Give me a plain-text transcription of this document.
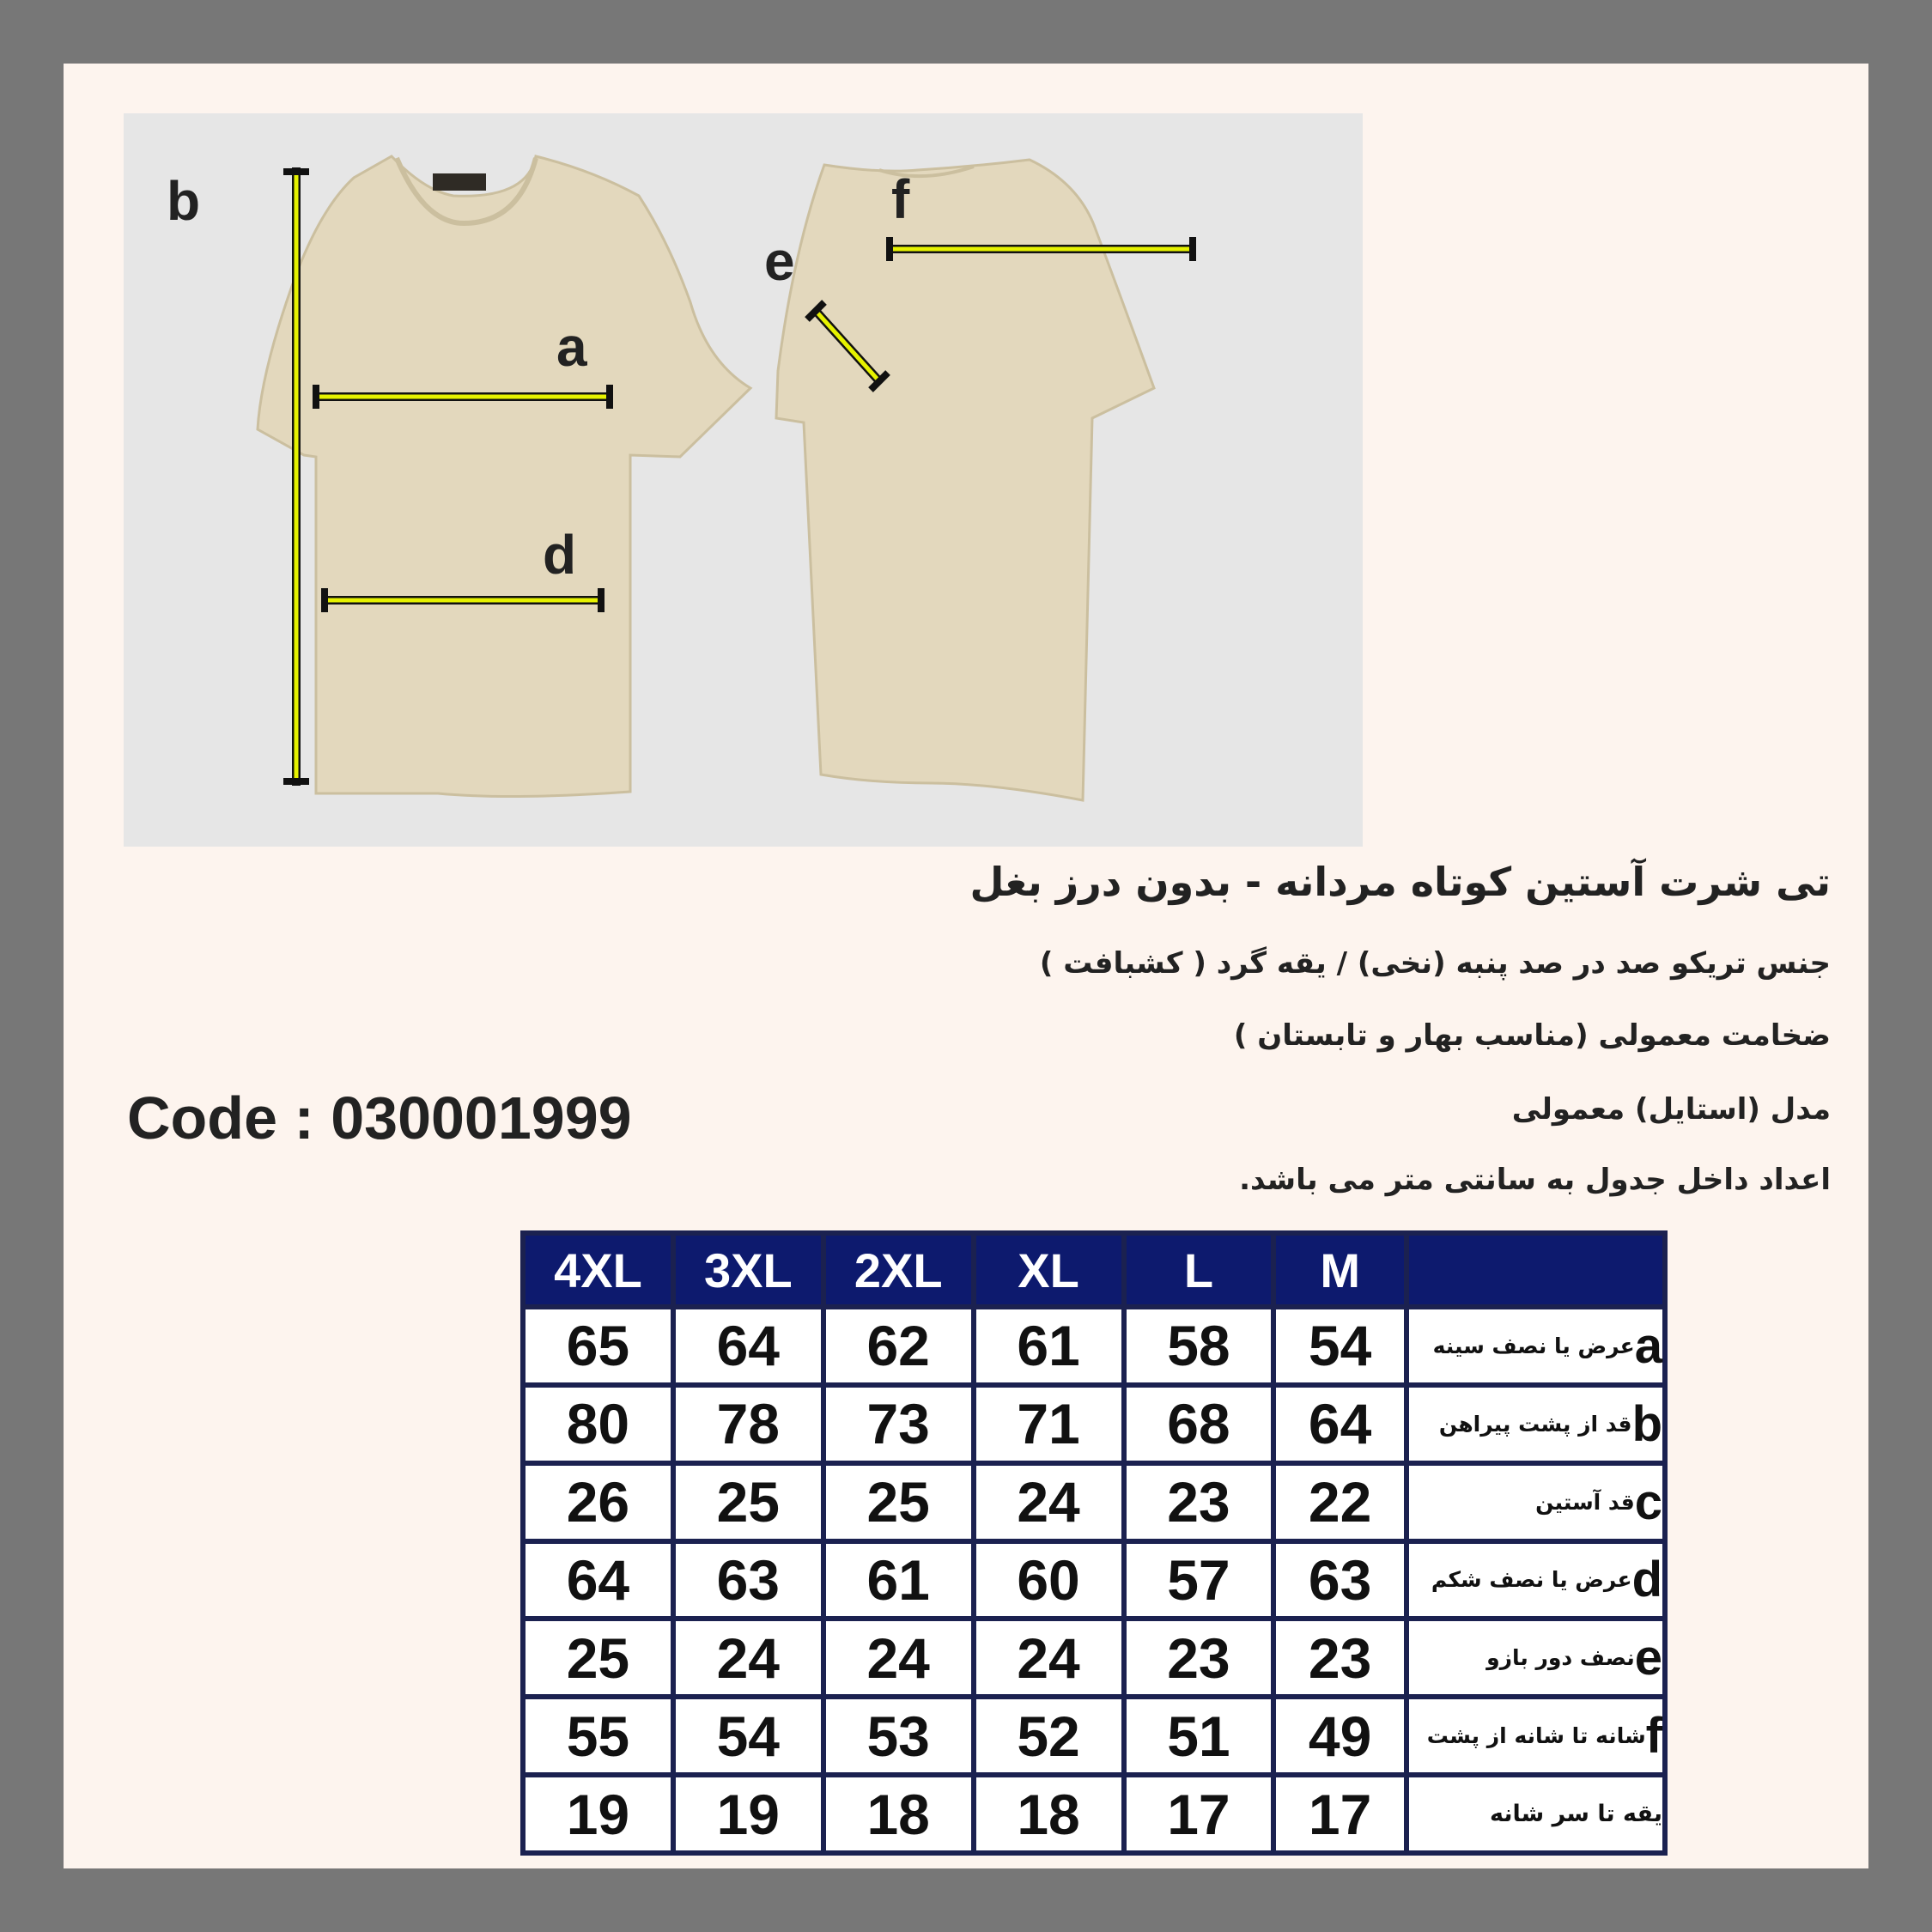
b
a
d
e
f
تی شرت آستین کوتاه مردانه - بدون درز بغل
جنس تریکو صد در صد پنبه (نخی) / یقه گرد ( کشبافت )
ضخامت معمولی (مناسب بهار و تابستان )
مدل (استایل) معمولی
اعداد داخل جدول به سانتی متر می باشد.
Code : 030001999
4XL	3XL	2XL	XL	L	M	
65	64	62	61	58	54	aعرض یا نصف سینه
80	78	73	71	68	64	bقد از پشت پیراهن
26	25	25	24	23	22	cقد آستین
64	63	61	60	57	63	dعرض یا نصف شکم
25	24	24	24	23	23	eنصف دور بازو
55	54	53	52	51	49	fشانه تا شانه از پشت
19	19	18	18	17	17	یقه تا سر شانه
